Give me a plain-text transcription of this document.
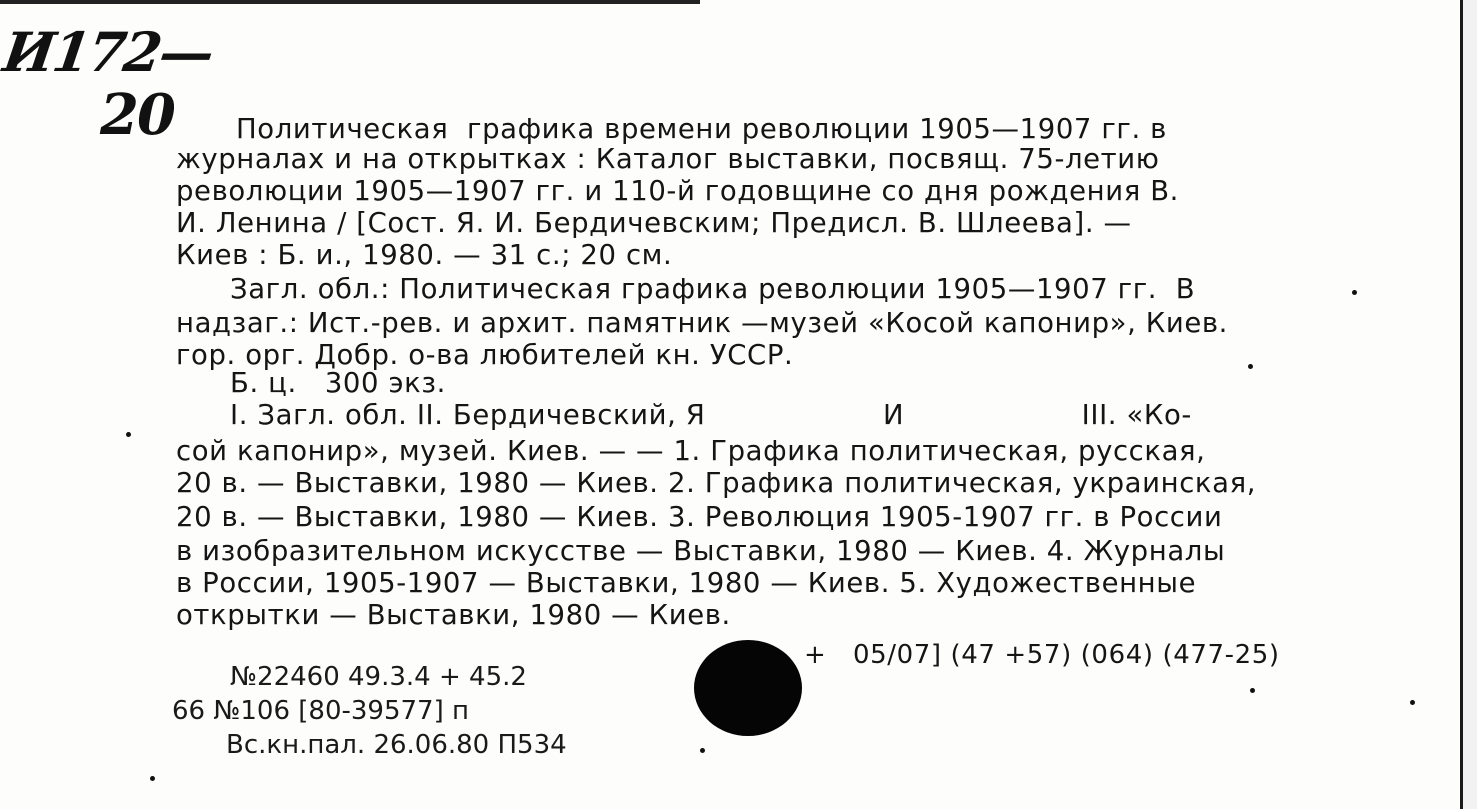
И172—
20 Политическая  графика времени революции 1905—1907 гг. в
журналах и на открытках : Каталог выставки, посвящ. 75-летию
революции 1905—1907 гг. и 110-й годовщине со дня рождения В.
И. Ленина / [Сост. Я. И. Бердичевским; Предисл. В. Шлеева]. —
Киев : Б. и., 1980. — 31 с.; 20 см.
Загл. обл.: Политическая графика революции 1905—1907 гг.  В
надзаг.: Ист.-рев. и архит. памятник —музей «Косой капонир», Киев.
гор. орг. Добр. о-ва любителей кн. УССР.
Б. ц.   300 экз.
I. Загл. обл. II. Бердичевский, Я                   И                   III. «Ко-
сой капонир», музей. Киев. — — 1. Графика политическая, русская,
20 в. — Выставки, 1980 — Киев. 2. Графика политическая, украинская,
20 в. — Выставки, 1980 — Киев. 3. Революция 1905-1907 гг. в России
в изобразительном искусстве — Выставки, 1980 — Киев. 4. Журналы
в России, 1905-1907 — Выставки, 1980 — Киев. 5. Художественные
открытки — Выставки, 1980 — Киев.
+   05/07] (47 +57) (064) (477-25)
№22460 49.3.4 + 45.2
66 №106 [80-39577] п
Вс.кн.пал. 26.06.80 П534
